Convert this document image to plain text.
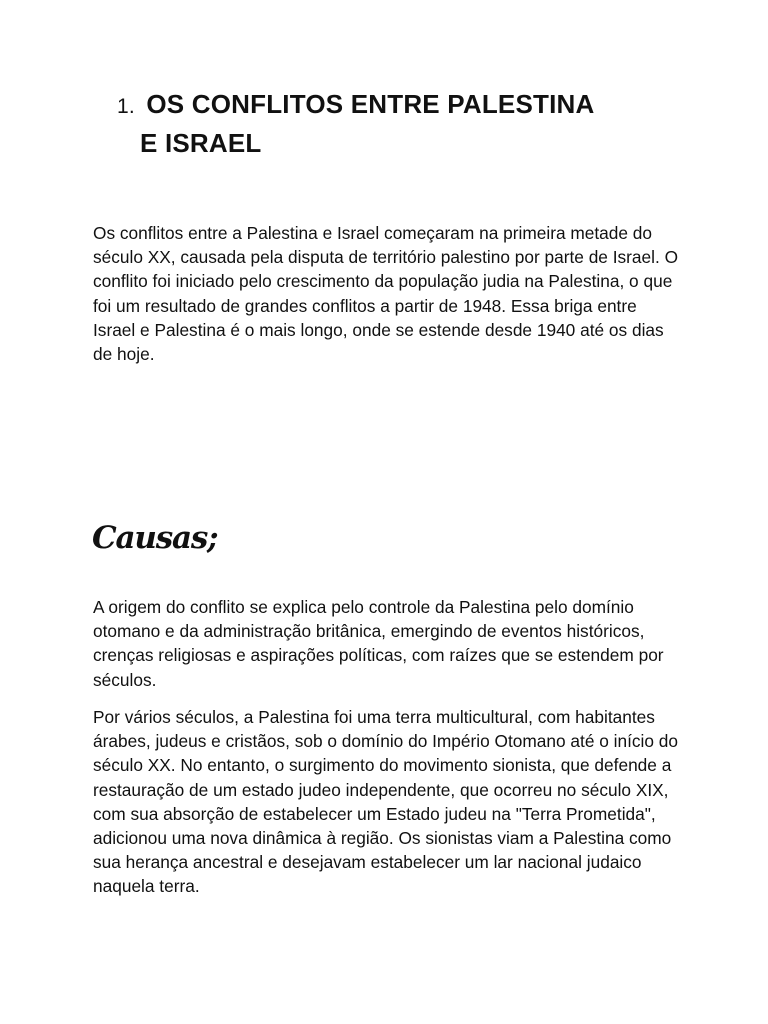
1. OS CONFLITOS ENTRE PALESTINA
E ISRAEL

Os conflitos entre a Palestina e Israel começaram na primeira metade do século XX, causada pela disputa de território palestino por parte de Israel. O conflito foi iniciado pelo crescimento da população judia na Palestina, o que foi um resultado de grandes conflitos a partir de 1948. Essa briga entre Israel e Palestina é o mais longo, onde se estende desde 1940 até os dias de hoje.

Causas;

A origem do conflito se explica pelo controle da Palestina pelo domínio otomano e da administração britânica, emergindo de eventos históricos, crenças religiosas e aspirações políticas, com raízes que se estendem por séculos.

Por vários séculos, a Palestina foi uma terra multicultural, com habitantes árabes, judeus e cristãos, sob o domínio do Império Otomano até o início do século XX. No entanto, o surgimento do movimento sionista, que defende a restauração de um estado judeo independente, que ocorreu no século XIX, com sua absorção de estabelecer um Estado judeu na "Terra Prometida", adicionou uma nova dinâmica à região. Os sionistas viam a Palestina como sua herança ancestral e desejavam estabelecer um lar nacional judaico naquela terra.
